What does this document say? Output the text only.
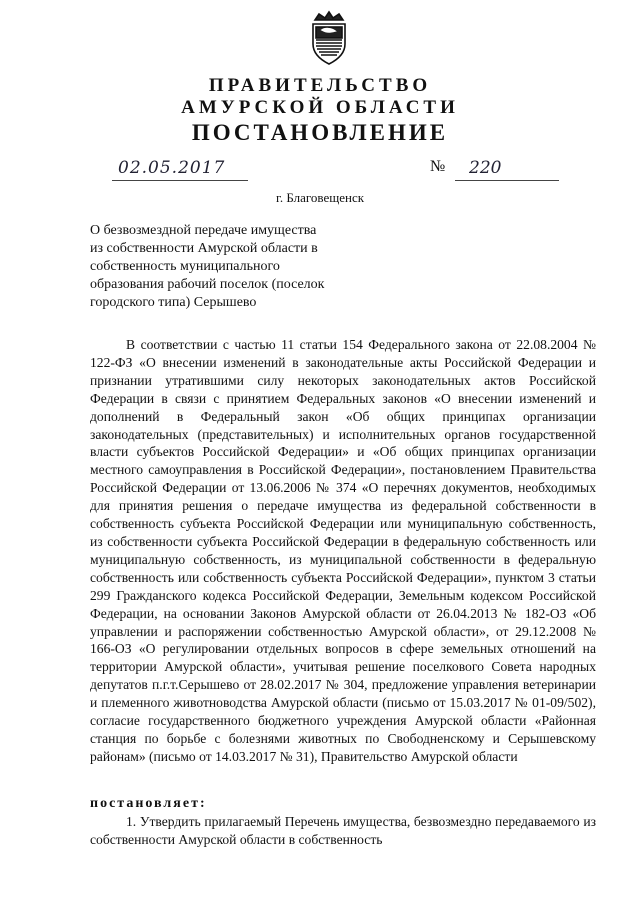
ПРАВИТЕЛЬСТВО
АМУРСКОЙ ОБЛАСТИ
ПОСТАНОВЛЕНИЕ
02.05.2017	№ 220
г. Благовещенск
О безвозмездной передаче имущества
из собственности Амурской области в
собственность муниципального
образования рабочий поселок (поселок
городского типа) Серышево
В соответствии с частью 11 статьи 154 Федерального закона от 22.08.2004 № 122-ФЗ «О внесении изменений в законодательные акты Российской Федерации и признании утратившими силу некоторых законодательных актов Российской Федерации в связи с принятием Федеральных законов «О внесении изменений и дополнений в Федеральный закон «Об общих принципах организации законодательных (представительных) и исполнительных органов государственной власти субъектов Российской Федерации» и «Об общих принципах организации местного самоуправления в Российской Федерации», постановлением Правительства Российской Федерации от 13.06.2006 № 374 «О перечнях документов, необходимых для принятия решения о передаче имущества из федеральной собственности в собственность субъекта Российской Федерации или муниципальную собственность, из собственности субъекта Российской Федерации в федеральную собственность или муниципальную собственность, из муниципальной собственности в федеральную собственность или собственность субъекта Российской Федерации», пунктом 3 статьи 299 Гражданского кодекса Российской Федерации, Земельным кодексом Российской Федерации, на основании Законов Амурской области от 26.04.2013 № 182-ОЗ «Об управлении и распоряжении собственностью Амурской области», от 29.12.2008 № 166-ОЗ «О регулировании отдельных вопросов в сфере земельных отношений на территории Амурской области», учитывая решение поселкового Совета народных депутатов п.г.т.Серышево от 28.02.2017 № 304, предложение управления ветеринарии и племенного животноводства Амурской области (письмо от 15.03.2017 № 01-09/502), согласие государственного бюджетного учреждения Амурской области «Районная станция по борьбе с болезнями животных по Свободненскому и Серышевскому районам» (письмо от 14.03.2017 № 31), Правительство Амурской области
постановляет:
1. Утвердить прилагаемый Перечень имущества, безвозмездно передаваемого из собственности Амурской области в собственность
